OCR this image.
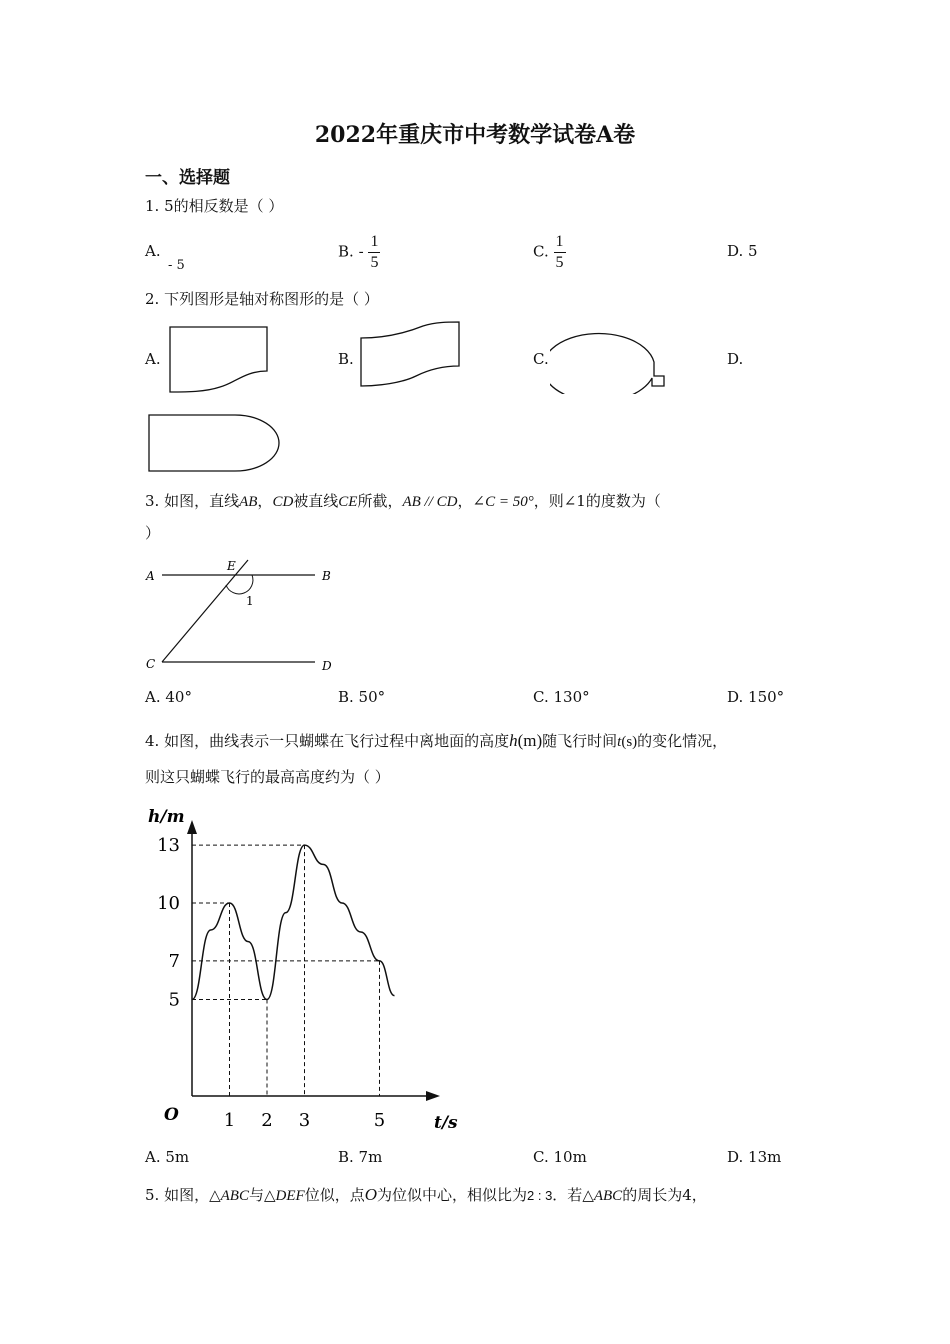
2022年重庆市中考数学试卷A卷
一、选择题
1. 5的相反数是（ ）
A.
- 5
B. - $\frac{1}{5}$	C. $\frac{1}{5}$	D. 5
2. 下列图形是轴对称图形的是（ ）
A.	B.	C.	D.
3. 如图，直线AB，CD被直线CE所截，AB // CD，∠C = 50°，则∠1的度数为（
）
A	B
C	D
E
1
A. 40°	B. 50°	C. 130°	D. 150°
4. 如图，曲线表示一只蝴蝶在飞行过程中离地面的高度h(m)随飞行时间t(s)的变化情况，
则这只蝴蝶飞行的最高高度约为（ ）
1 2 3	5
5
7
10
13
h/m
t/s
O
A. 5m	B. 7m	C. 10m	D. 13m
5. 如图，△ABC与△DEF位似，点O为位似中心，相似比为2 : 3．若△ABC的周长为4，
